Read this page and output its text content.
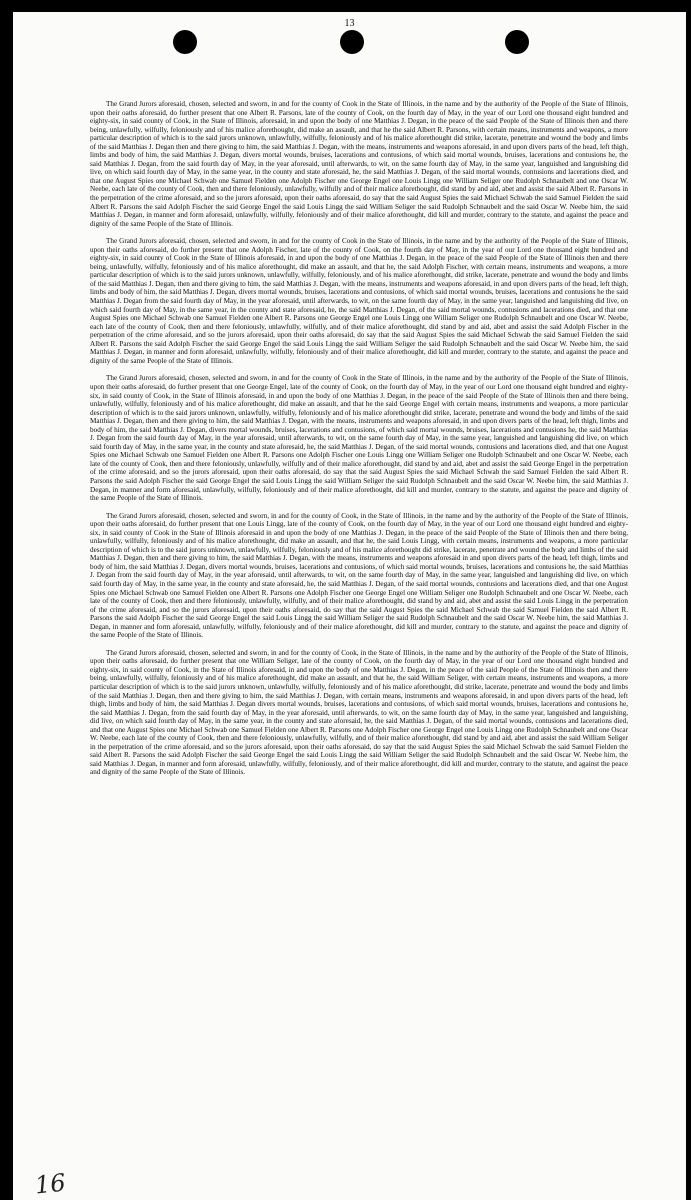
13

The Grand Jurors aforesaid, chosen, selected and sworn, in and for the county of Cook in the State of Illinois, in the name and by the authority of the People of the State of Illinois, upon their oaths aforesaid, do further present that one Albert R. Parsons, late of the county of Cook, on the fourth day of May, in the year of our Lord one thousand eight hundred and eighty-six, in said county of Cook, in the State of Illinois, aforesaid, in and upon the body of one Matthias J. Degan, in the peace of the said People of the State of Illinois then and there being, unlawfully, wilfully, feloniously and of his malice aforethought, did make an assault, and that he the said Albert R. Parsons, with certain means, instruments and weapons, a more particular description of which is to the said jurors unknown, unlawfully, wilfully, feloniously and of his malice aforethought did strike, lacerate, penetrate and wound the body and limbs of the said Matthias J. Degan then and there giving to him, the said Matthias J. Degan, with the means, instruments and weapons aforesaid, in and upon divers parts of the head, left thigh, limbs and body of him, the said Matthias J. Degan, divers mortal wounds, bruises, lacerations and contusions, of which said mortal wounds, bruises, lacerations and contusions he, the said Matthias J. Degan, from the said fourth day of May, in the year aforesaid, until afterwards, to wit, on the same fourth day of May, in the same year, languished and languishing did live, on which said fourth day of May, in the same year, in the county and state aforesaid, he, the said Matthias J. Degan, of the said mortal wounds, contusions and lacerations died, and that one August Spies one Michael Schwab one Samuel Fielden one Adolph Fischer one George Engel one Louis Lingg one William Seliger one Rudolph Schnaubelt and one Oscar W. Neebe, each late of the county of Cook, then and there feloniously, unlawfully, wilfully and of their malice aforethought, did stand by and aid, abet and assist the said Albert R. Parsons in the perpetration of the crime aforesaid, and so the jurors aforesaid, upon their oaths aforesaid, do say that the said August Spies the said Michael Schwab the said Samuel Fielden the said Albert R. Parsons the said Adolph Fischer the said George Engel the said Louis Lingg the said William Seliger the said Rudolph Schnaubelt and the said Oscar W. Neebe him, the said Matthias J. Degan, in manner and form aforesaid, unlawfully, wilfully, feloniously and of their malice aforethought, did kill and murder, contrary to the statute, and against the peace and dignity of the same People of the State of Illinois.

The Grand Jurors aforesaid, chosen, selected and sworn, in and for the county of Cook in the State of Illinois, in the name and by the authority of the People of the State of Illinois, upon their oaths aforesaid, do further present that one Adolph Fischer, late of the county of Cook, on the fourth day of May, in the year of our Lord one thousand eight hundred and eighty-six, in said county of Cook in the State of Illinois aforesaid, in and upon the body of one Matthias J. Degan, in the peace of the said People of the State of Illinois then and there being, unlawfully, wilfully, feloniously and of his malice aforethought, did make an assault, and that he, the said Adolph Fischer, with certain means, instruments and weapons, a more particular description of which is to the said jurors unknown, unlawfully, wilfully, feloniously, and of his malice aforethought, did strike, lacerate, penetrate and wound the body and limbs of the said Matthias J. Degan, then and there giving to him, the said Matthias J. Degan, with the means, instruments and weapons aforesaid, in and upon divers parts of the head, left thigh, limbs and body of him, the said Matthias J. Degan, divers mortal wounds, bruises, lacerations and contusions, of which said mortal wounds, bruises, lacerations and contusions he the said Matthias J. Degan from the said fourth day of May, in the year aforesaid, until afterwards, to wit, on the same fourth day of May, in the same year, languished and languishing did live, on which said fourth day of May, in the same year, in the county and state aforesaid, he, the said Matthias J. Degan, of the said mortal wounds, contusions and lacerations died, and that one August Spies one Michael Schwab one Samuel Fielden one Albert R. Parsons one George Engel one Louis Lingg one William Seliger one Rudolph Schnaubelt and one Oscar W. Neebe, each late of the county of Cook, then and there feloniously, unlawfully, wilfully, and of their malice aforethought, did stand by and aid, abet and assist the said Adolph Fischer in the perpetration of the crime aforesaid, and so the jurors aforesaid, upon their oaths aforesaid, do say that the said August Spies the said Michael Schwab the said Samuel Fielden the said Albert R. Parsons the said Adolph Fischer the said George Engel the said Louis Lingg the said William Seliger the said Rudolph Schnaubelt and the said Oscar W. Neebe him, the said Matthias J. Degan, in manner and form aforesaid, unlawfully, wilfully, feloniously and of their malice aforethought, did kill and murder, contrary to the statute, and against the peace and dignity of the same People of the State of Illinois.

The Grand Jurors aforesaid, chosen, selected and sworn, in and for the county of Cook in the State of Illinois, in the name and by the authority of the People of the State of Illinois, upon their oaths aforesaid, do further present that one George Engel, late of the county of Cook, on the fourth day of May, in the year of our Lord one thousand eight hundred and eighty-six, in said county of Cook, in the State of Illinois aforesaid, in and upon the body of one Matthias J. Degan, in the peace of the said People of the State of Illinois then and there being, unlawfully, wilfully, feloniously and of his malice aforethought, did make an assault, and that he the said George Engel with certain means, instruments and weapons, a more particular description of which is to the said jurors unknown, unlawfully, wilfully, feloniously and of his malice aforethought did strike, lacerate, penetrate and wound the body and limbs of the said Matthias J. Degan, then and there giving to him, the said Matthias J. Degan, with the means, instruments and weapons aforesaid, in and upon divers parts of the head, left thigh, limbs and body of him, the said Matthias J. Degan, divers mortal wounds, bruises, lacerations and contusions, of which said mortal wounds, bruises, lacerations and contusions he, the said Matthias J. Degan from the said fourth day of May, in the year aforesaid, until afterwards, to wit, on the same fourth day of May, in the same year, languished and languishing did live, on which said fourth day of May, in the same year, in the county and state aforesaid, he, the said Matthias J. Degan, of the said mortal wounds, contusions and lacerations died, and that one August Spies one Michael Schwab one Samuel Fielden one Albert R. Parsons one Adolph Fischer one Louis Lingg one William Seliger one Rudolph Schnaubelt and one Oscar W. Neebe, each late of the county of Cook, then and there feloniously, unlawfully, wilfully and of their malice aforethought, did stand by and aid, abet and assist the said George Engel in the perpetration of the crime aforesaid, and so the jurors aforesaid, upon their oaths aforesaid, do say that the said August Spies the said Michael Schwab the said Samuel Fielden the said Albert R. Parsons the said Adolph Fischer the said George Engel the said Louis Lingg the said William Seliger the said Rudolph Schnaubelt and the said Oscar W. Neebe him, the said Matthias J. Degan, in manner and form aforesaid, unlawfully, wilfully, feloniously and of their malice aforethought, did kill and murder, contrary to the statute, and against the peace and dignity of the same People of the State of Illinois.

The Grand Jurors aforesaid, chosen, selected and sworn, in and for the county of Cook, in the State of Illinois, in the name and by the authority of the People of the State of Illinois, upon their oaths aforesaid, do further present that one Louis Lingg, late of the county of Cook, on the fourth day of May, in the year of our Lord one thousand eight hundred and eighty-six, in said county of Cook in the State of Illinois aforesaid in and upon the body of one Matthias J. Degan, in the peace of the said People of the State of Illinois then and there being, unlawfully, wilfully, feloniously and of his malice aforethought, did make an assault, and that he, the said Louis Lingg, with certain means, instruments and weapons, a more particular description of which is to the said jurors unknown, unlawfully, wilfully, feloniously and of his malice aforethought did strike, lacerate, penetrate and wound the body and limbs of the said Matthias J. Degan, then and there giving to him, the said Matthias J. Degan, with the means, instruments and weapons aforesaid in and upon divers parts of the head, left thigh, limbs and body of him, the said Matthias J. Degan, divers mortal wounds, bruises, lacerations and contusions, of which said mortal wounds, bruises, lacerations and contusions he, the said Matthias J. Degan from the said fourth day of May, in the year aforesaid, until afterwards, to wit, on the same fourth day of May, in the same year, languished and languishing did live, on which said fourth day of May, in the same year, in the county and state aforesaid, he, the said Matthias J. Degan, of the said mortal wounds, contusions and lacerations died, and that one August Spies one Michael Schwab one Samuel Fielden one Albert R. Parsons one Adolph Fischer one George Engel one William Seliger one Rudolph Schnaubelt and one Oscar W. Neebe, each late of the county of Cook, then and there feloniously, unlawfully, wilfully, and of their malice aforethought, did stand by and aid, abet and assist the said Louis Lingg in the perpetration of the crime aforesaid, and so the jurors aforesaid, upon their oaths aforesaid, do say that the said August Spies the said Michael Schwab the said Samuel Fielden the said Albert R. Parsons the said Adolph Fischer the said George Engel the said Louis Lingg the said William Seliger the said Rudolph Schnaubelt and the said Oscar W. Neebe him, the said Matthias J. Degan, in manner and form aforesaid, unlawfully, wilfully, feloniously and of their malice aforethought, did kill and murder, contrary to the statute, and against the peace and dignity of the same People of the State of Illinois.

The Grand Jurors aforesaid, chosen, selected and sworn, in and for the county of Cook, in the State of Illinois, in the name and by the authority of the People of the State of Illinois, upon their oaths aforesaid, do further present that one William Seliger, late of the county of Cook, on the fourth day of May, in the year of our Lord one thousand eight hundred and eighty-six, in said county of Cook, in the State of Illinois aforesaid, in and upon the body of one Matthias J. Degan, in the peace of the said People of the State of Illinois then and there being, unlawfully, wilfully, feloniously and of his malice aforethought, did make an assault, and that he, the said William Seliger, with certain means, instruments and weapons, a more particular description of which is to the said jurors unknown, unlawfully, wilfully, feloniously and of his malice aforethought, did strike, lacerate, penetrate and wound the body and limbs of the said Matthias J. Degan, then and there giving to him, the said Matthias J. Degan, with certain means, instruments and weapons aforesaid, in and upon divers parts of the head, left thigh, limbs and body of him, the said Matthias J. Degan divers mortal wounds, bruises, lacerations and contusions, of which said mortal wounds, bruises, lacerations and contusions he, the said Matthias J. Degan, from the said fourth day of May, in the year aforesaid, until afterwards, to wit, on the same fourth day of May, in the same year, languished and languishing, did live, on which said fourth day of May, in the same year, in the county and state aforesaid, he, the said Matthias J. Degan, of the said mortal wounds, contusions and lacerations died, and that one August Spies one Michael Schwab one Samuel Fielden one Albert R. Parsons one Adolph Fischer one George Engel one Louis Lingg one Rudolph Schnaubelt and one Oscar W. Neebe, each late of the county of Cook, then and there feloniously, unlawfully, wilfully, and of their malice aforethought, did stand by and aid, abet and assist the said William Seliger in the perpetration of the crime aforesaid, and so the jurors aforesaid, upon their oaths aforesaid, do say that the said August Spies the said Michael Schwab the said Samuel Fielden the said Albert R. Parsons the said Adolph Fischer the said George Engel the said Louis Lingg the said William Seliger the said Rudolph Schnaubelt and the said Oscar W. Neebe him, the said Matthias J. Degan, in manner and form aforesaid, unlawfully, wilfully, feloniously, and of their malice aforethought, did kill and murder, contrary to the statute, and against the peace and dignity of the same People of the State of Illinois.

16
